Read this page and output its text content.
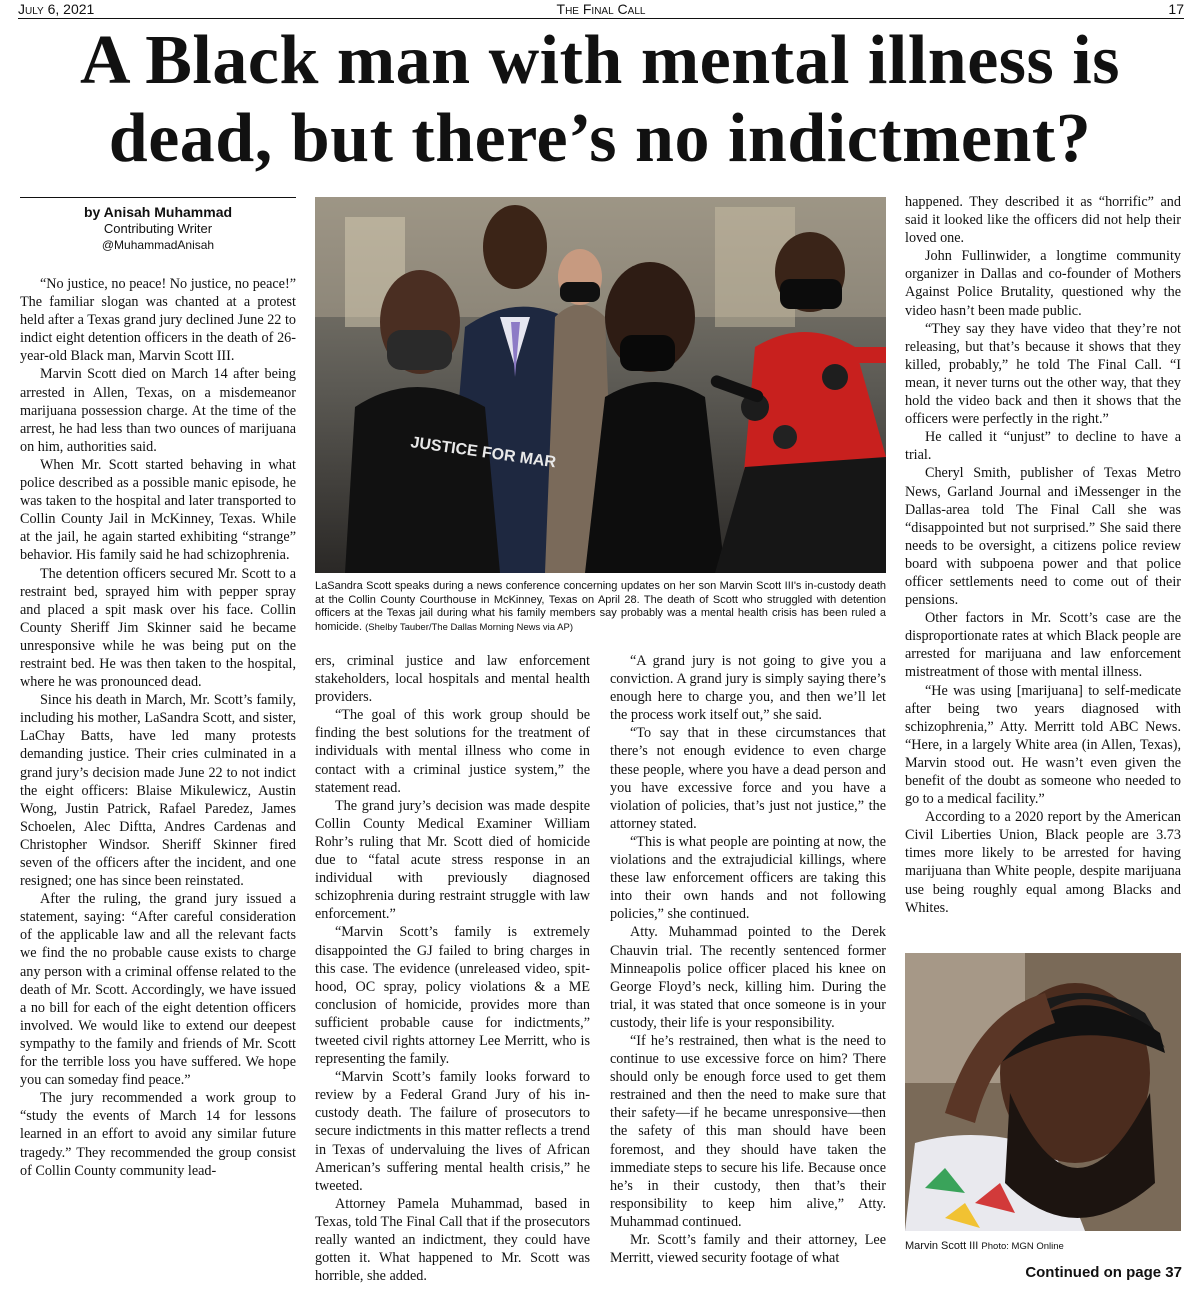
July 6, 2021	The Final Call	17
A Black man with mental illness is dead, but there’s no indictment?
by Anisah Muhammad
Contributing Writer
@MuhammadAnisah

“No justice, no peace! No justice, no peace!” The familiar slogan was chanted at a protest held after a Texas grand jury declined June 22 to indict eight detention officers in the death of 26-year-old Black man, Marvin Scott III.

Marvin Scott died on March 14 after being arrested in Allen, Texas, on a misdemeanor marijuana possession charge. At the time of the arrest, he had less than two ounces of marijuana on him, authorities said.

When Mr. Scott started behaving in what police described as a possible manic episode, he was taken to the hospital and later transported to Collin County Jail in McKinney, Texas. While at the jail, he again started exhibiting “strange” behavior. His family said he had schizophrenia.

The detention officers secured Mr. Scott to a restraint bed, sprayed him with pepper spray and placed a spit mask over his face. Collin County Sheriff Jim Skinner said he became unresponsive while he was being put on the restraint bed. He was then taken to the hospital, where he was pronounced dead.

Since his death in March, Mr. Scott’s family, including his mother, LaSandra Scott, and sister, LaChay Batts, have led many protests demanding justice. Their cries culminated in a grand jury’s decision made June 22 to not indict the eight officers: Blaise Mikulewicz, Austin Wong, Justin Patrick, Rafael Paredez, James Schoelen, Alec Diftta, Andres Cardenas and Christopher Windsor. Sheriff Skinner fired seven of the officers after the incident, and one resigned; one has since been reinstated.

After the ruling, the grand jury issued a statement, saying: “After careful consideration of the applicable law and all the relevant facts we find the no probable cause exists to charge any person with a criminal offense related to the death of Mr. Scott. Accordingly, we have issued a no bill for each of the eight detention officers involved. We would like to extend our deepest sympathy to the family and friends of Mr. Scott for the terrible loss you have suffered. We hope you can someday find peace.”

The jury recommended a work group to “study the events of March 14 for lessons learned in an effort to avoid any similar future tragedy.” They recommended the group consist of Collin County community lead-

ers, criminal justice and law enforcement stakeholders, local hospitals and mental health providers.

“The goal of this work group should be finding the best solutions for the treatment of individuals with mental illness who come in contact with a criminal justice system,” the statement read.

The grand jury’s decision was made despite Collin County Medical Examiner William Rohr’s ruling that Mr. Scott died of homicide due to “fatal acute stress response in an individual with previously diagnosed schizophrenia during restraint struggle with law enforcement.”

“Marvin Scott’s family is extremely disappointed the GJ failed to bring charges in this case. The evidence (unreleased video, spit-hood, OC spray, policy violations & a ME conclusion of homicide, provides more than sufficient probable cause for indictments,” tweeted civil rights attorney Lee Merritt, who is representing the family.

“Marvin Scott’s family looks forward to review by a Federal Grand Jury of his in-custody death. The failure of prosecutors to secure indictments in this matter reflects a trend in Texas of undervaluing the lives of African American’s suffering mental health crisis,” he tweeted.

Attorney Pamela Muhammad, based in Texas, told The Final Call that if the prosecutors really wanted an indictment, they could have gotten it. What happened to Mr. Scott was horrible, she added.

“A grand jury is not going to give you a conviction. A grand jury is simply saying there’s enough here to charge you, and then we’ll let the process work itself out,” she said.

“To say that in these circumstances that there’s not enough evidence to even charge these people, where you have a dead person and you have excessive force and you have a violation of policies, that’s just not justice,” the attorney stated.

“This is what people are pointing at now, the violations and the extrajudicial killings, where these law enforcement officers are taking this into their own hands and not following policies,” she continued.

Atty. Muhammad pointed to the Derek Chauvin trial. The recently sentenced former Minneapolis police officer placed his knee on George Floyd’s neck, killing him. During the trial, it was stated that once someone is in your custody, their life is your responsibility.

“If he’s restrained, then what is the need to continue to use excessive force on him? There should only be enough force used to get them restrained and then the need to make sure that their safety—if he became unresponsive—then the safety of this man should have been foremost, and they should have taken the immediate steps to secure his life. Because once he’s in their custody, then that’s their responsibility to keep him alive,” Atty. Muhammad continued.

Mr. Scott’s family and their attorney, Lee Merritt, viewed security footage of what

happened. They described it as “horrific” and said it looked like the officers did not help their loved one.

John Fullinwider, a longtime community organizer in Dallas and co-founder of Mothers Against Police Brutality, questioned why the video hasn’t been made public.

“They say they have video that they’re not releasing, but that’s because it shows that they killed, probably,” he told The Final Call. “I mean, it never turns out the other way, that they hold the video back and then it shows that the officers were perfectly in the right.”

He called it “unjust” to decline to have a trial.

Cheryl Smith, publisher of Texas Metro News, Garland Journal and iMessenger in the Dallas-area told The Final Call she was “disappointed but not surprised.” She said there needs to be oversight, a citizens police review board with subpoena power and that police officer settlements need to come out of their pensions.

Other factors in Mr. Scott’s case are the disproportionate rates at which Black people are arrested for marijuana and law enforcement mistreatment of those with mental illness.

“He was using [marijuana] to self-medicate after being two years diagnosed with schizophrenia,” Atty. Merritt told ABC News. “Here, in a largely White area (in Allen, Texas), Marvin stood out. He wasn’t even given the benefit of the doubt as someone who needed to go to a medical facility.”

According to a 2020 report by the American Civil Liberties Union, Black people are 3.73 times more likely to be arrested for having marijuana than White people, despite marijuana use being roughly equal among Blacks and Whites.

JUSTICE FOR MAR
LaSandra Scott speaks during a news conference concerning updates on her son Marvin Scott III's in-custody death at the Collin County Courthouse in McKinney, Texas on April 28. The death of Scott who struggled with detention officers at the Texas jail during what his family members say probably was a mental health crisis has been ruled a homicide. (Shelby Tauber/The Dallas Morning News via AP)
Marvin Scott III Photo: MGN Online
Continued on page 37
